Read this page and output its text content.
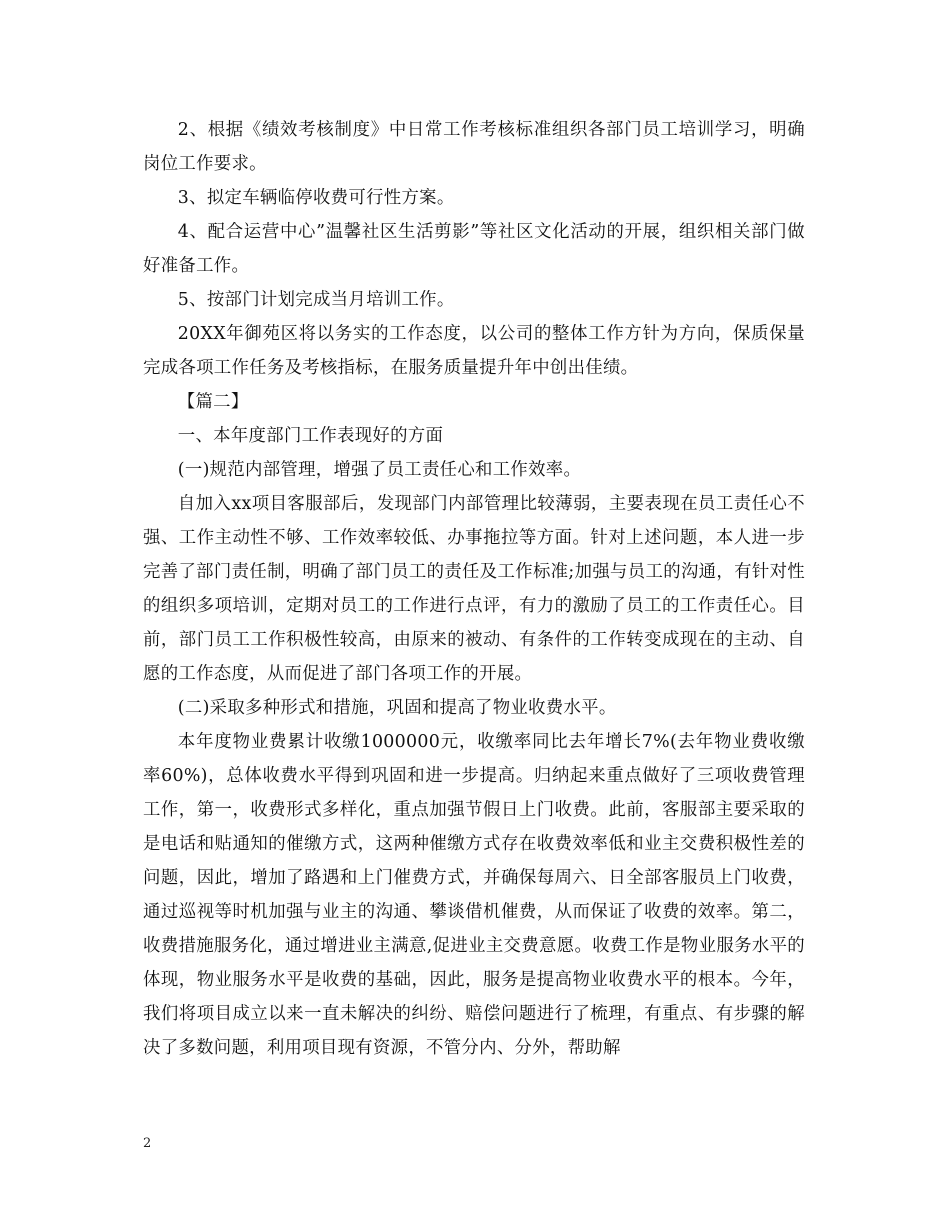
2、根据《绩效考核制度》中日常工作考核标准组织各部门员工培训学习，明确岗位工作要求。

3、拟定车辆临停收费可行性方案。

4、配合运营中心”温馨社区生活剪影”等社区文化活动的开展，组织相关部门做好准备工作。

5、按部门计划完成当月培训工作。

20XX年御苑区将以务实的工作态度，以公司的整体工作方针为方向，保质保量完成各项工作任务及考核指标，在服务质量提升年中创出佳绩。

【篇二】

一、本年度部门工作表现好的方面

(一)规范内部管理，增强了员工责任心和工作效率。

自加入xx项目客服部后，发现部门内部管理比较薄弱，主要表现在员工责任心不强、工作主动性不够、工作效率较低、办事拖拉等方面。针对上述问题，本人进一步完善了部门责任制，明确了部门员工的责任及工作标准;加强与员工的沟通，有针对性的组织多项培训，定期对员工的工作进行点评，有力的激励了员工的工作责任心。目前，部门员工工作积极性较高，由原来的被动、有条件的工作转变成现在的主动、自愿的工作态度，从而促进了部门各项工作的开展。

(二)采取多种形式和措施，巩固和提高了物业收费水平。

本年度物业费累计收缴1000000元，收缴率同比去年增长7%(去年物业费收缴率60%)，总体收费水平得到巩固和进一步提高。归纳起来重点做好了三项收费管理工作，第一，收费形式多样化，重点加强节假日上门收费。此前，客服部主要采取的是电话和贴通知的催缴方式，这两种催缴方式存在收费效率低和业主交费积极性差的问题，因此，增加了路遇和上门催费方式，并确保每周六、日全部客服员上门收费，通过巡视等时机加强与业主的沟通、攀谈借机催费，从而保证了收费的效率。第二，收费措施服务化，通过增进业主满意,促进业主交费意愿。收费工作是物业服务水平的体现，物业服务水平是收费的基础，因此，服务是提高物业收费水平的根本。今年，我们将项目成立以来一直未解决的纠纷、赔偿问题进行了梳理，有重点、有步骤的解决了多数问题，利用项目现有资源，不管分内、分外，帮助解

2
